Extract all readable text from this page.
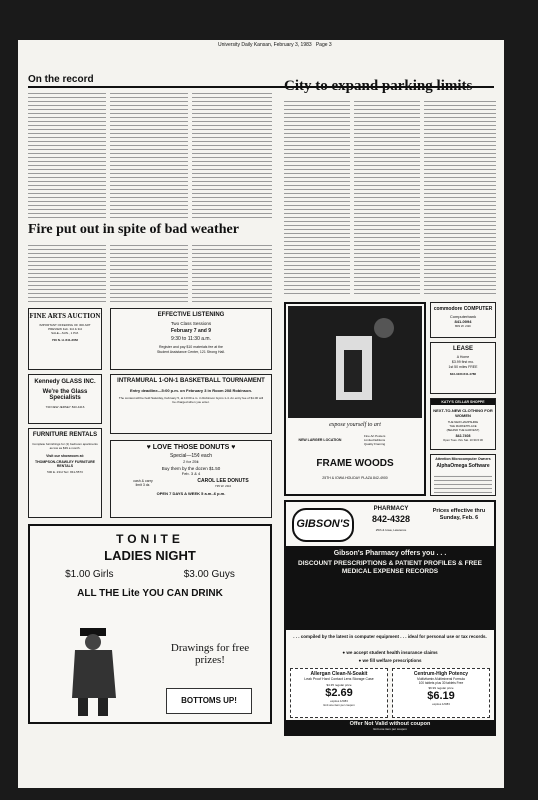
University Daily Kansan, February 3, 1983 Page 3
On the record	City to expand parking limits
Fire put out in spite of bad weather
FINE ARTS AUCTION
IMPORTANT OFFERING OF 300 ART
PREVIEW Feb. 3rd & 3rd
SALE—SUN., 1 P.M.
700 N. H. 841-3052
Kennedy GLASS INC.
We're the Glass Specialists
730 NEW JERSEY 843-4416
FURNITURE RENTALS
Complete furnishings for (1) bedroom apartments as low as $39 a month.
Visit our showroom at:
THOMPSON-CRAWLEY FURNITURE RENTALS
500 E. 23rd Terr. 841-5573
EFFECTIVE LISTENING
Two Class Sessions
February 7 and 9
9:30 to 11:30 a.m.
Register and pay $10 materials fee at the
Student Assistance Center, 121 Strong Hall.
INTRAMURAL 1-ON-1 BASKETBALL TOURNAMENT
Entry deadline—5:00 p.m. on February 3 in Room 208 Robinson.
The contest will be held Saturday, February 5, at 10:00 a.m. in Robinson Gyms 1-4. An entry fee of $1.00 will be charged when you enter.
♥ LOVE THOSE DONUTS ♥
Special—15¢ each
2 for 25¢
Buy them by the dozen $1.50
Feb. 3 & 4
cash & carry
limit 3 dz.
CAROL LEE DONUTS
735 W. 23rd
OPEN 7 DAYS A WEEK 5 a.m.-6 p.m.
TONITE
LADIES NIGHT
$1.00 Girls	$3.00 Guys
ALL THE Lite YOU CAN DRINK
Drawings for free prizes!
BOTTOMS UP!
expose yourself to art
NEW LARGER LOCATION
Fine Art Posters
Limited Editions
Quality Framing
FRAME WOODS
25TH & IOWA HOLIDAY PLAZA 842-4900
commodore COMPUTER
Computerbank
841-0094
809 W. 24th
LEASE
A Home
$3.99 first mo.
1st 50 miles FREE
843-4233 841-4786
KATY'S CELLAR SHOPPE
NEXT-TO-NEW CLOTHING FOR WOMEN
THE NEW HAMPSHIRE
THE MARKETPLACE
(BEHIND THE HARVEST)
842-7408
Open Tues. thru Sat. 10:30-5:30
Attention Microcomputer Owners
AlphaOmega Software
GIBSON'S
PHARMACY
842-4328
25th & Iowa, Lawrence
Prices effective thru Sunday, Feb. 6
Gibson's Pharmacy offers you . . .
DISCOUNT PRESCRIPTIONS & PATIENT PROFILES & FREE MEDICAL EXPENSE RECORDS
. . . compiled by the latest in computer equipment . . . ideal for personal use or tax records.
● we accept student health insurance claims
● we fill welfare prescriptions
Allergan Clean-N-Soakit
Leak Proof Hard Contact Lens Storage Case
$4.35 regular price
$2.69
expires 1/6/83
limit one item per coupon
Centrum-High Potency
Multivitamin-Multimineral Formula
100 tablets plus 30 tablets Free
$6.99 regular price
$6.19
expires 1/6/83
Offer Not Valid without coupon
limit one item per coupon
